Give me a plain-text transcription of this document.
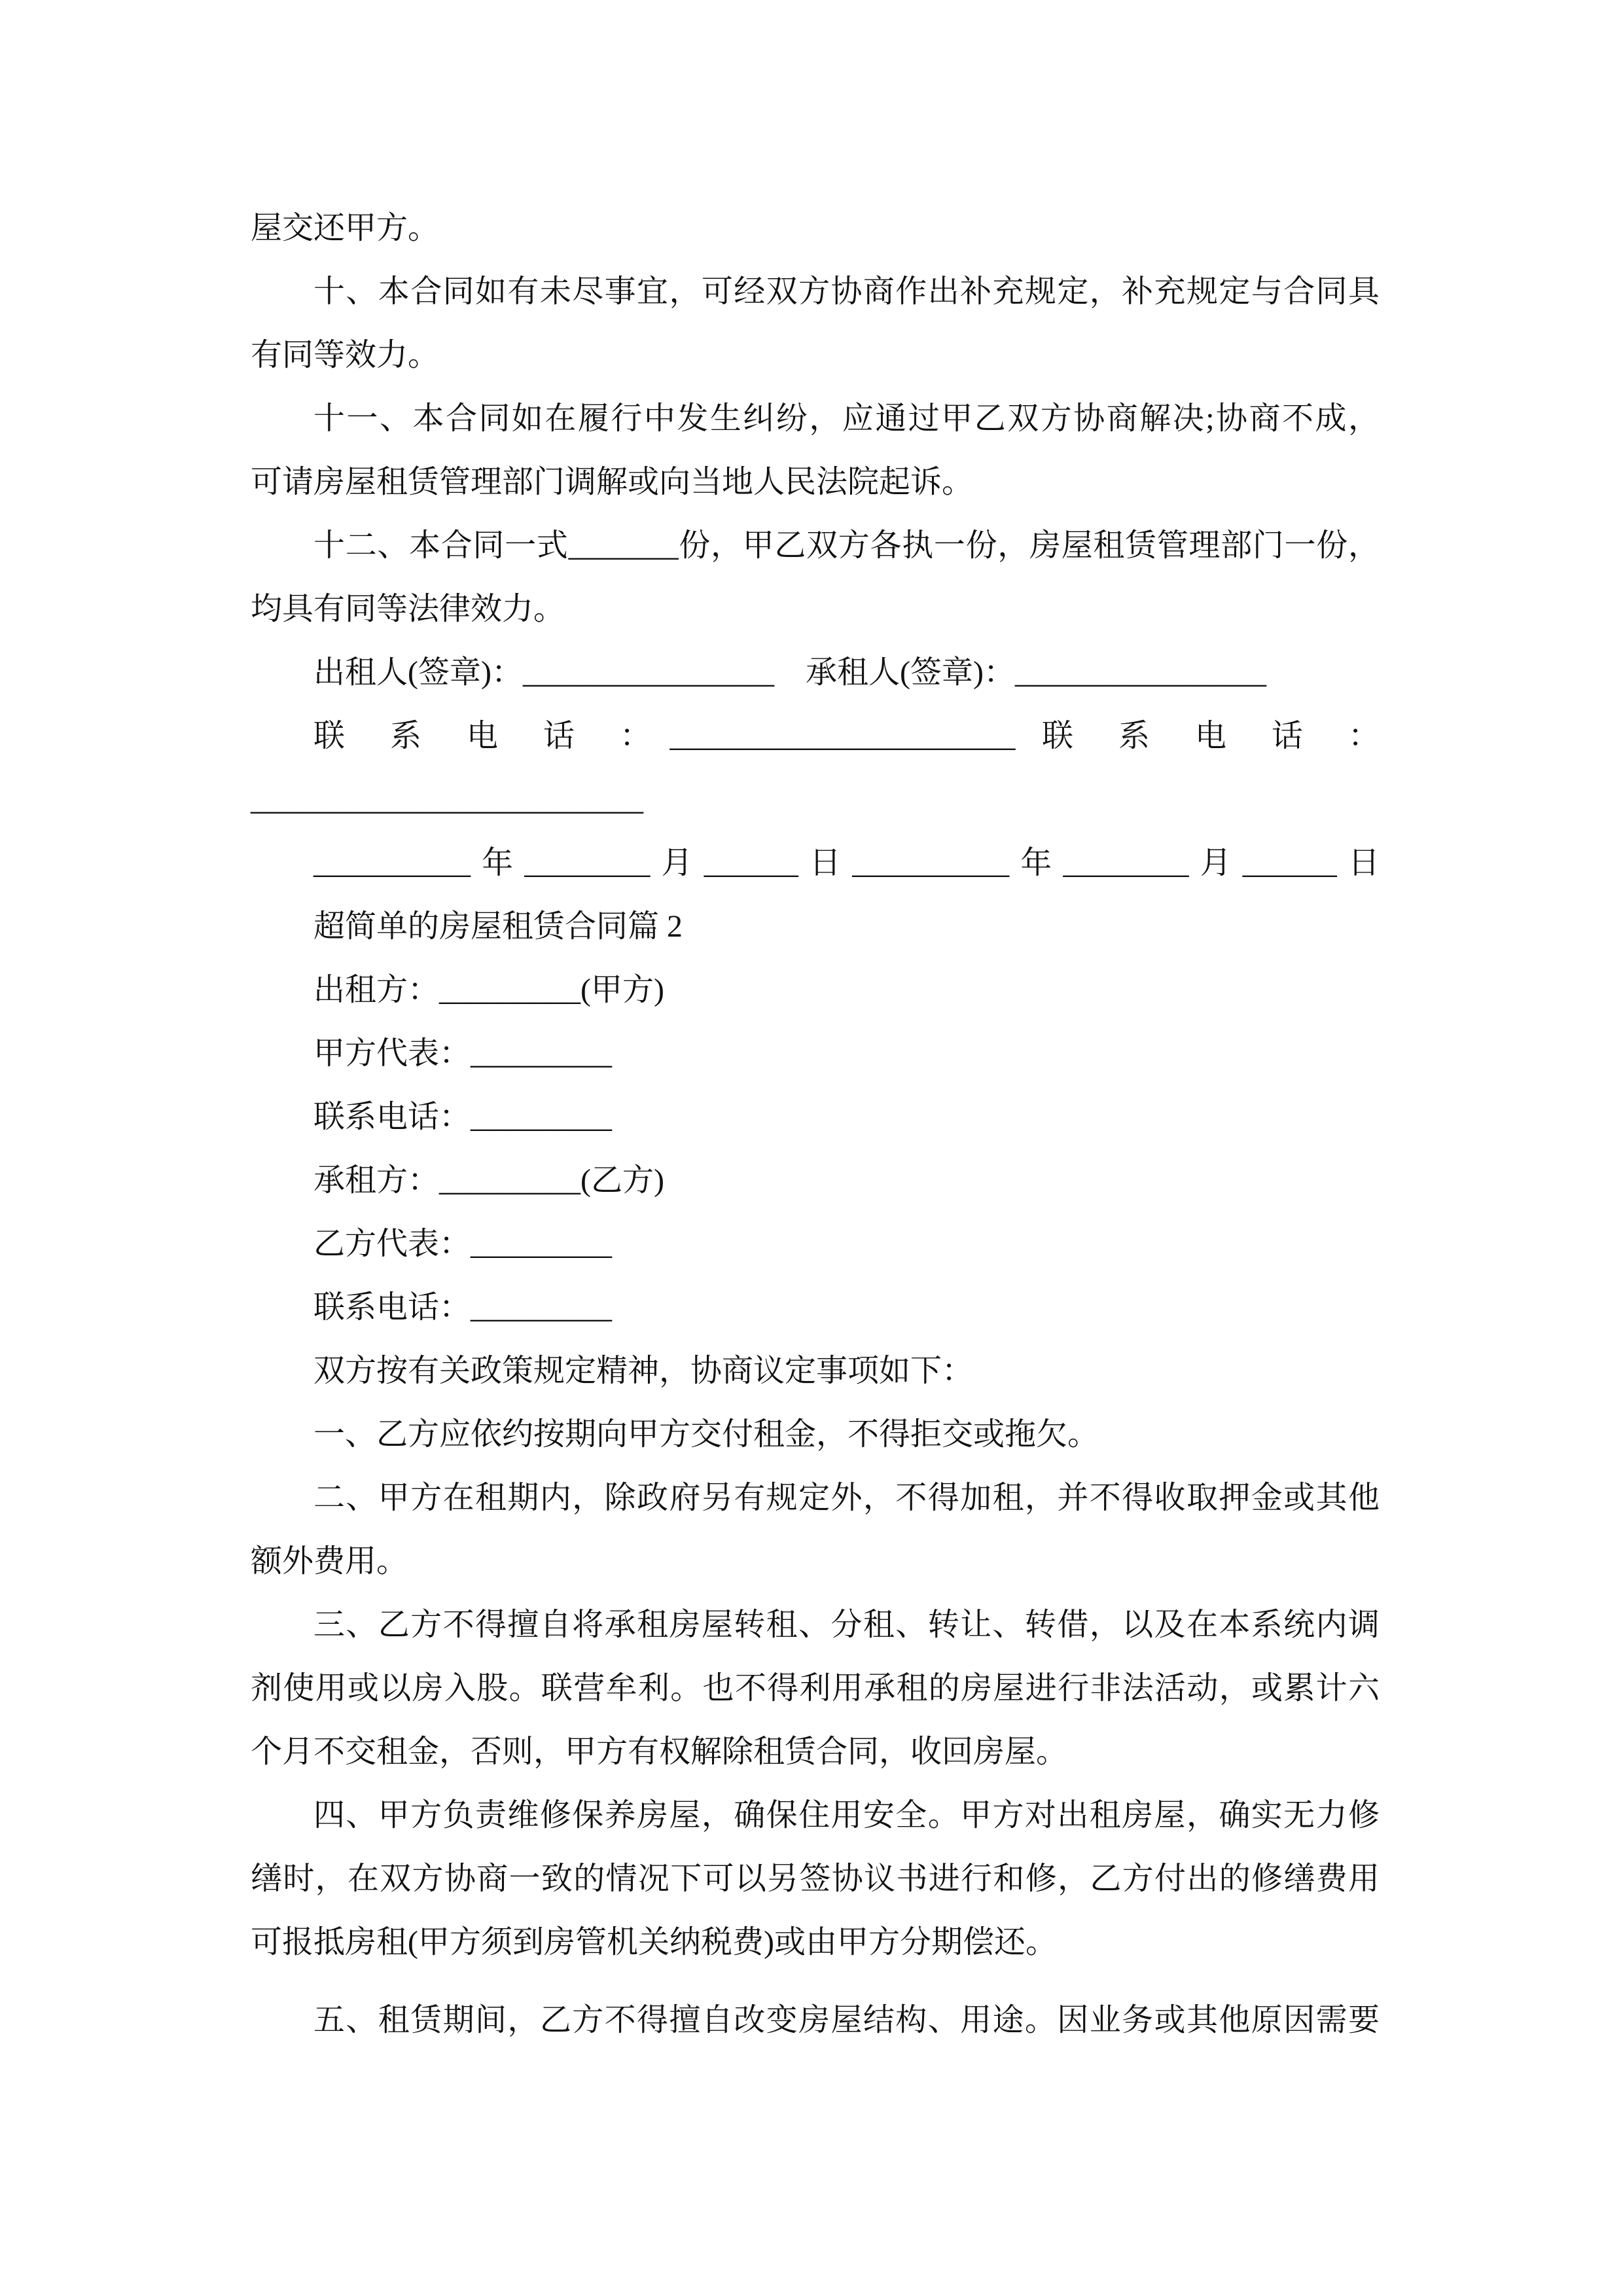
屋交还甲方。
十、本合同如有未尽事宜，可经双方协商作出补充规定，补充规定与合同具
有同等效力。
十一、本合同如在履行中发生纠纷，应通过甲乙双方协商解决;协商不成，
可请房屋租赁管理部门调解或向当地人民法院起诉。
十二、本合同一式_______份，甲乙双方各执一份，房屋租赁管理部门一份，
均具有同等法律效力。
出租人(签章)：________________　承租人(签章)：________________
联 系 电 话 ：______________________ 联 系 电 话 ：
_________________________
__________年________月______日__________年________月______日
超简单的房屋租赁合同篇 2
出租方：_________(甲方)
甲方代表：_________
联系电话：_________
承租方：_________(乙方)
乙方代表：_________
联系电话：_________
双方按有关政策规定精神，协商议定事项如下：
一、乙方应依约按期向甲方交付租金，不得拒交或拖欠。
二、甲方在租期内，除政府另有规定外，不得加租，并不得收取押金或其他
额外费用。
三、乙方不得擅自将承租房屋转租、分租、转让、转借，以及在本系统内调
剂使用或以房入股。联营牟利。也不得利用承租的房屋进行非法活动，或累计六
个月不交租金，否则，甲方有权解除租赁合同，收回房屋。
四、甲方负责维修保养房屋，确保住用安全。甲方对出租房屋，确实无力修
缮时，在双方协商一致的情况下可以另签协议书进行和修，乙方付出的修缮费用
可报抵房租(甲方须到房管机关纳税费)或由甲方分期偿还。
五、租赁期间，乙方不得擅自改变房屋结构、用途。因业务或其他原因需要
